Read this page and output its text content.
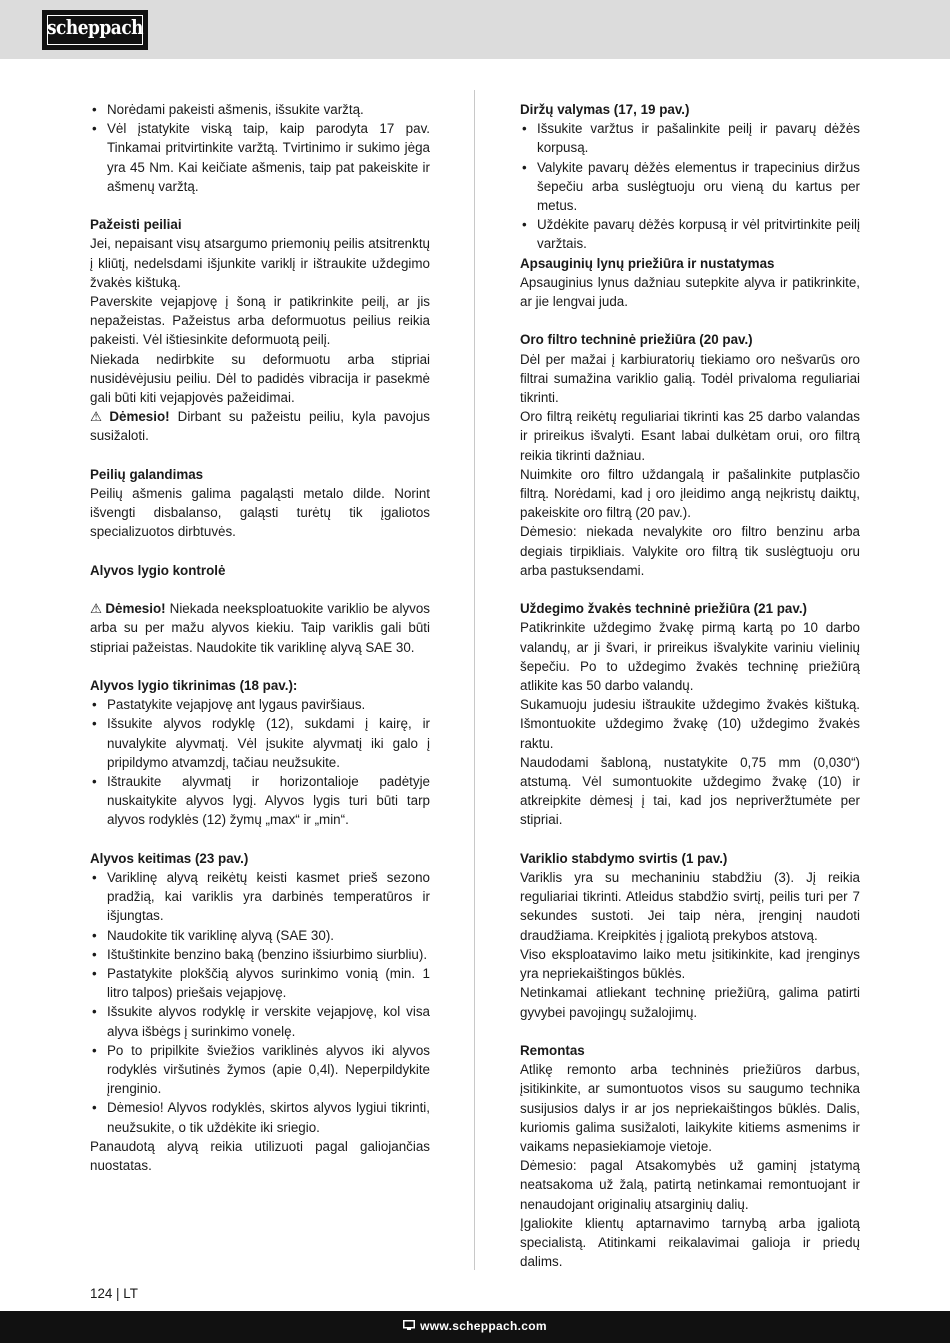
scheppach
• Norėdami pakeisti ašmenis, išsukite varžtą.
• Vėl įstatykite viską taip, kaip parodyta 17 pav. Tinkamai pritvirtinkite varžtą. Tvirtinimo ir sukimo jėga yra 45 Nm. Kai keičiate ašmenis, taip pat pakeiskite ir ašmenų varžtą.
Pažeisti peiliai
Jei, nepaisant visų atsargumo priemonių peilis atsitrenktų į kliūtį, nedelsdami išjunkite variklį ir ištraukite uždegimo žvakės kištuką.
Paverskite vejapjovę į šoną ir patikrinkite peilį, ar jis nepažeistas. Pažeistus arba deformuotus peilius reikia pakeisti. Vėl ištiesinkite deformuotą peilį.
Niekada nedirbkite su deformuotu arba stipriai nusidėvėjusiu peiliu. Dėl to padidės vibracija ir pasekmė gali būti kiti vejapjovės pažeidimai.
⚠ Dėmesio! Dirbant su pažeistu peiliu, kyla pavojus susižaloti.
Peilių galandimas
Peilių ašmenis galima pagaląsti metalo dilde. Norint išvengti disbalanso, galąsti turėtų tik įgaliotos specializuotos dirbtuvės.
Alyvos lygio kontrolė
⚠ Dėmesio! Niekada neeksploatuokite variklio be alyvos arba su per mažu alyvos kiekiu. Taip variklis gali būti stipriai pažeistas. Naudokite tik variklinę alyvą SAE 30.
Alyvos lygio tikrinimas (18 pav.):
• Pastatykite vejapjovę ant lygaus paviršiaus.
• Išsukite alyvos rodyklę (12), sukdami į kairę, ir nuvalykite alyvmatį. Vėl įsukite alyvmatį iki galo į pripildymo atvamzdį, tačiau neužsukite.
• Ištraukite alyvmatį ir horizontalioje padėtyje nuskaitykite alyvos lygį. Alyvos lygis turi būti tarp alyvos rodyklės (12) žymų „max“ ir „min“.
Alyvos keitimas (23 pav.)
• Variklinę alyvą reikėtų keisti kasmet prieš sezono pradžią, kai variklis yra darbinės temperatūros ir išjungtas.
• Naudokite tik variklinę alyvą (SAE 30).
• Ištuštinkite benzino baką (benzino išsiurbimo siurbliu).
• Pastatykite plokščią alyvos surinkimo vonią (min. 1 litro talpos) priešais vejapjovę.
• Išsukite alyvos rodyklę ir verskite vejapjovę, kol visa alyva išbėgs į surinkimo vonelę.
• Po to pripilkite šviežios variklinės alyvos iki alyvos rodyklės viršutinės žymos (apie 0,4l). Neperpildykite įrenginio.
• Dėmesio! Alyvos rodyklės, skirtos alyvos lygiui tikrinti, neužsukite, o tik uždėkite iki sriegio.
Panaudotą alyvą reikia utilizuoti pagal galiojančias nuostatas.
Diržų valymas (17, 19 pav.)
• Išsukite varžtus ir pašalinkite peilį ir pavarų dėžės korpusą.
• Valykite pavarų dėžės elementus ir trapecinius diržus šepečiu arba suslėgtuoju oru vieną du kartus per metus.
• Uždėkite pavarų dėžės korpusą ir vėl pritvirtinkite peilį varžtais.
Apsauginių lynų priežiūra ir nustatymas
Apsauginius lynus dažniau sutepkite alyva ir patikrinkite, ar jie lengvai juda.
Oro filtro techninė priežiūra (20 pav.)
Dėl per mažai į karbiuratorių tiekiamo oro nešvarūs oro filtrai sumažina variklio galią. Todėl privaloma reguliariai tikrinti.
Oro filtrą reikėtų reguliariai tikrinti kas 25 darbo valandas ir prireikus išvalyti. Esant labai dulkėtam orui, oro filtrą reikia tikrinti dažniau.
Nuimkite oro filtro uždangalą ir pašalinkite putplasčio filtrą. Norėdami, kad į oro įleidimo angą neįkristų daiktų, pakeiskite oro filtrą (20 pav.).
Dėmesio: niekada nevalykite oro filtro benzinu arba degiais tirpikliais. Valykite oro filtrą tik suslėgtuoju oru arba pastuksendami.
Uždegimo žvakės techninė priežiūra (21 pav.)
Patikrinkite uždegimo žvakę pirmą kartą po 10 darbo valandų, ar ji švari, ir prireikus išvalykite variniu vielinių šepečiu. Po to uždegimo žvakės techninę priežiūrą atlikite kas 50 darbo valandų.
Sukamuoju judesiu ištraukite uždegimo žvakės kištuką. Išmontuokite uždegimo žvakę (10) uždegimo žvakės raktu.
Naudodami šabloną, nustatykite 0,75 mm (0,030“) atstumą. Vėl sumontuokite uždegimo žvakę (10) ir atkreipkite dėmesį į tai, kad jos nepriveržtumėte per stipriai.
Variklio stabdymo svirtis (1 pav.)
Variklis yra su mechaniniu stabdžiu (3). Jį reikia reguliariai tikrinti. Atleidus stabdžio svirtį, peilis turi per 7 sekundes sustoti. Jei taip nėra, įrenginį naudoti draudžiama. Kreipkitės į įgaliotą prekybos atstovą.
Viso eksploatavimo laiko metu įsitikinkite, kad įrenginys yra nepriekaištingos būklės.
Netinkamai atliekant techninę priežiūrą, galima patirti gyvybei pavojingų sužalojimų.
Remontas
Atlikę remonto arba techninės priežiūros darbus, įsitikinkite, ar sumontuotos visos su saugumo technika susijusios dalys ir ar jos nepriekaištingos būklės. Dalis, kuriomis galima susižaloti, laikykite kitiems asmenims ir vaikams nepasiekiamoje vietoje.
Dėmesio: pagal Atsakomybės už gaminį įstatymą neatsakoma už žalą, patirtą netinkamai remontuojant ir nenaudojant originalių atsarginių dalių.
Įgaliokite klientų aptarnavimo tarnybą arba įgaliotą specialistą. Atitinkami reikalavimai galioja ir priedų dalims.
124 | LT
www.scheppach.com
